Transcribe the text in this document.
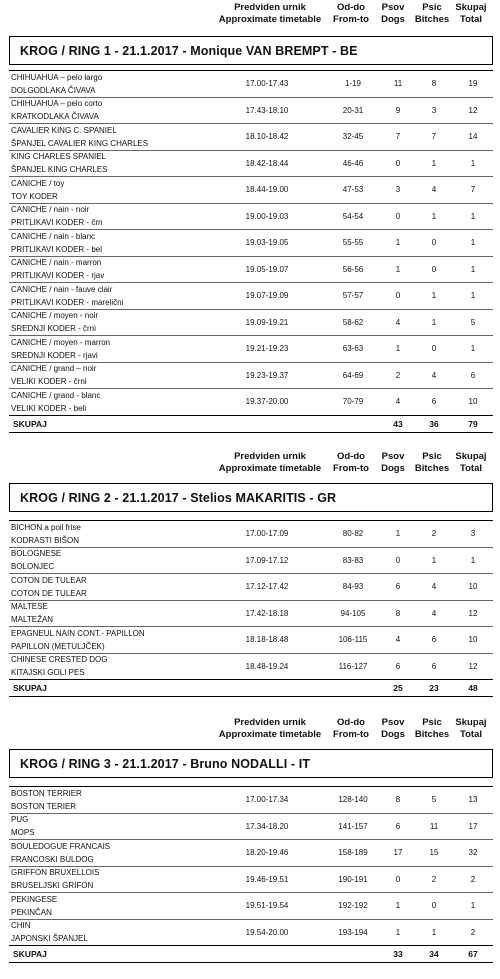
Predviden urnik
Approximate timetable
Od-do
From-to
Psov
Dogs
Psic
Bitches
Skupaj
Total
KROG / RING 1 - 21.1.2017 - Monique VAN BREMPT - BE
CHIHUAHUA – pelo largo
DOLGODLAKA ČIVAVA	17.00-17.43	1-19	11	8	19

CHIHUAHUA – pelo corto
KRATKODLAKA ČIVAVA	17.43-18.10	20-31	9	3	12

CAVALIER KING C. SPANIEL
ŠPANJEL CAVALIER KING CHARLES	18.10-18.42	32-45	7	7	14

KING CHARLES SPANIEL
ŠPANJEL KING CHARLES	18.42-18.44	46-46	0	1	1

CANICHE / toy
TOY KODER	18.44-19.00	47-53	3	4	7

CANICHE / nain - noir
PRITLIKAVI KODER - črn	19.00-19.03	54-54	0	1	1

CANICHE / nain - blanc
PRITLIKAVI KODER - bel	19.03-19.05	55-55	1	0	1

CANICHE / nain - marron
PRITLIKAVI KODER - rjav	19.05-19.07	56-56	1	0	1

CANICHE / nain - fauve clair
PRITLIKAVI KODER - marelični	19.07-19.09	57-57	0	1	1

CANICHE / moyen - noir
SREDNJI KODER - črni	19.09-19.21	58-62	4	1	5

CANICHE / moyen - marron
SREDNJI KODER - rjavi	19.21-19.23	63-63	1	0	1

CANICHE / grand – noir
VELIKI KODER - črni	19.23-19.37	64-69	2	4	6

CANICHE / grand - blanc
VELIKI KODER - beli	19.37-20.00	70-79	4	6	10
SKUPAJ			43	36	79
Predviden urnik
Approximate timetable
Od-do
From-to
Psov
Dogs
Psic
Bitches
Skupaj
Total
KROG / RING 2 - 21.1.2017 - Stelios MAKARITIS - GR
BICHON a poil frise
KODRASTI BIŠON	17.00-17.09	80-82	1	2	3

BOLOGNESE
BOLONJEC	17.09-17.12	83-83	0	1	1

COTON DE TULEAR
COTON DE TULEAR	17.12-17.42	84-93	6	4	10

MALTESE
MALTEŽAN	17.42-18.18	94-105	8	4	12

EPAGNEUL NAIN CONT.- PAPILLON
PAPILLON (METULJČEK)	18.18-18.48	106-115	4	6	10

CHINESE CRESTED DOG
KITAJSKI GOLI PES	18.48-19.24	116-127	6	6	12
SKUPAJ			25	23	48
Predviden urnik
Approximate timetable
Od-do
From-to
Psov
Dogs
Psic
Bitches
Skupaj
Total
KROG / RING 3 - 21.1.2017 - Bruno NODALLI - IT
BOSTON TERRIER
BOSTON TERIER	17.00-17.34	128-140	8	5	13

PUG
MOPS	17.34-18.20	141-157	6	11	17

BOULEDOGUE FRANCAIS
FRANCOSKI BULDOG	18.20-19.46	158-189	17	15	32

GRIFFON BRUXELLOIS
BRUSELJSKI GRIFON	19.46-19.51	190-191	0	2	2

PEKINGESE
PEKINČAN	19.51-19.54	192-192	1	0	1

CHIN
JAPONSKI ŠPANJEL	19.54-20.00	193-194	1	1	2
SKUPAJ			33	34	67
